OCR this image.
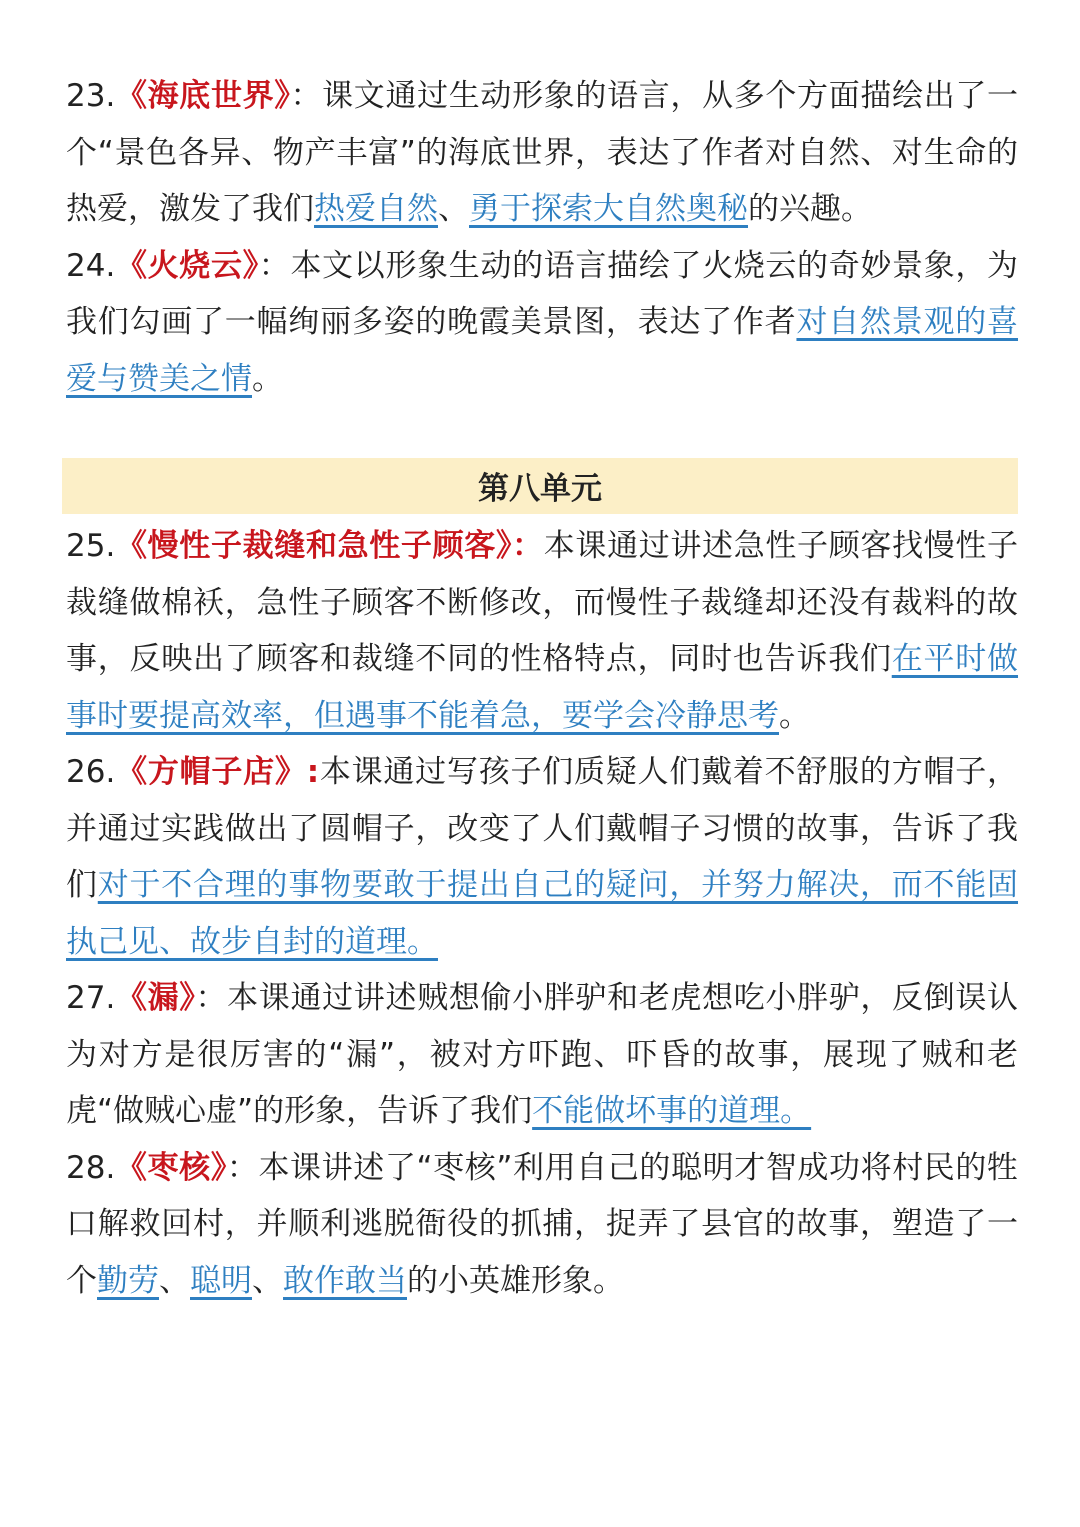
23.《海底世界》：课文通过生动形象的语言，从多个方面描绘出了一个“景色各异、物产丰富”的海底世界，表达了作者对自然、对生命的热爱，激发了我们热爱自然、勇于探索大自然奥秘的兴趣。

24.《火烧云》：本文以形象生动的语言描绘了火烧云的奇妙景象，为我们勾画了一幅绚丽多姿的晚霞美景图，表达了作者对自然景观的喜爱与赞美之情。

第八单元

25.《慢性子裁缝和急性子顾客》：本课通过讲述急性子顾客找慢性子裁缝做棉袄，急性子顾客不断修改，而慢性子裁缝却还没有裁料的故事，反映出了顾客和裁缝不同的性格特点，同时也告诉我们在平时做事时要提高效率，但遇事不能着急，要学会冷静思考。

26.《方帽子店》:本课通过写孩子们质疑人们戴着不舒服的方帽子，并通过实践做出了圆帽子，改变了人们戴帽子习惯的故事，告诉了我们对于不合理的事物要敢于提出自己的疑问，并努力解决，而不能固执己见、故步自封的道理。

27.《漏》：本课通过讲述贼想偷小胖驴和老虎想吃小胖驴，反倒误认为对方是很厉害的“漏”，被对方吓跑、吓昏的故事，展现了贼和老虎“做贼心虚”的形象，告诉了我们不能做坏事的道理。

28.《枣核》：本课讲述了“枣核”利用自己的聪明才智成功将村民的牲口解救回村，并顺利逃脱衙役的抓捕，捉弄了县官的故事，塑造了一个勤劳、聪明、敢作敢当的小英雄形象。
